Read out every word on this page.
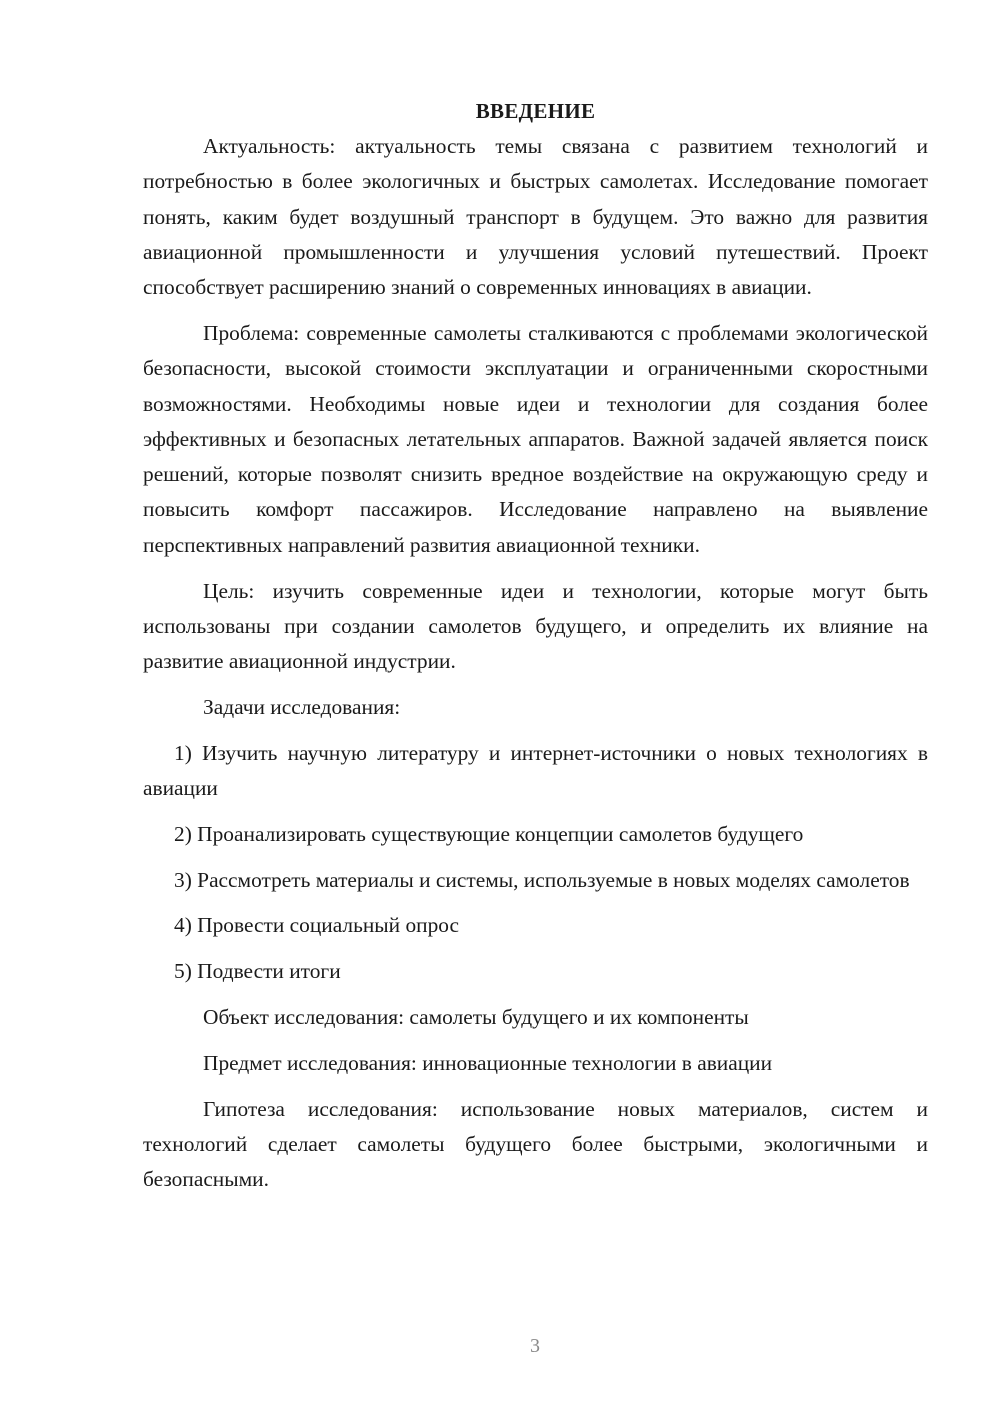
ВВЕДЕНИЕ

Актуальность: актуальность темы связана с развитием технологий и потребностью в более экологичных и быстрых самолетах. Исследование помогает понять, каким будет воздушный транспорт в будущем. Это важно для развития авиационной промышленности и улучшения условий путешествий. Проект способствует расширению знаний о современных инновациях в авиации.

Проблема: современные самолеты сталкиваются с проблемами экологической безопасности, высокой стоимости эксплуатации и ограниченными скоростными возможностями. Необходимы новые идеи и технологии для создания более эффективных и безопасных летательных аппаратов. Важной задачей является поиск решений, которые позволят снизить вредное воздействие на окружающую среду и повысить комфорт пассажиров. Исследование направлено на выявление перспективных направлений развития авиационной техники.

Цель: изучить современные идеи и технологии, которые могут быть использованы при создании самолетов будущего, и определить их влияние на развитие авиационной индустрии.

Задачи исследования:

1) Изучить научную литературу и интернет-источники о новых технологиях в авиации

2) Проанализировать существующие концепции самолетов будущего

3) Рассмотреть материалы и системы, используемые в новых моделях самолетов

4) Провести социальный опрос

5) Подвести итоги

Объект исследования: самолеты будущего и их компоненты

Предмет исследования: инновационные технологии в авиации

Гипотеза исследования: использование новых материалов, систем и технологий сделает самолеты будущего более быстрыми, экологичными и безопасными.

3
